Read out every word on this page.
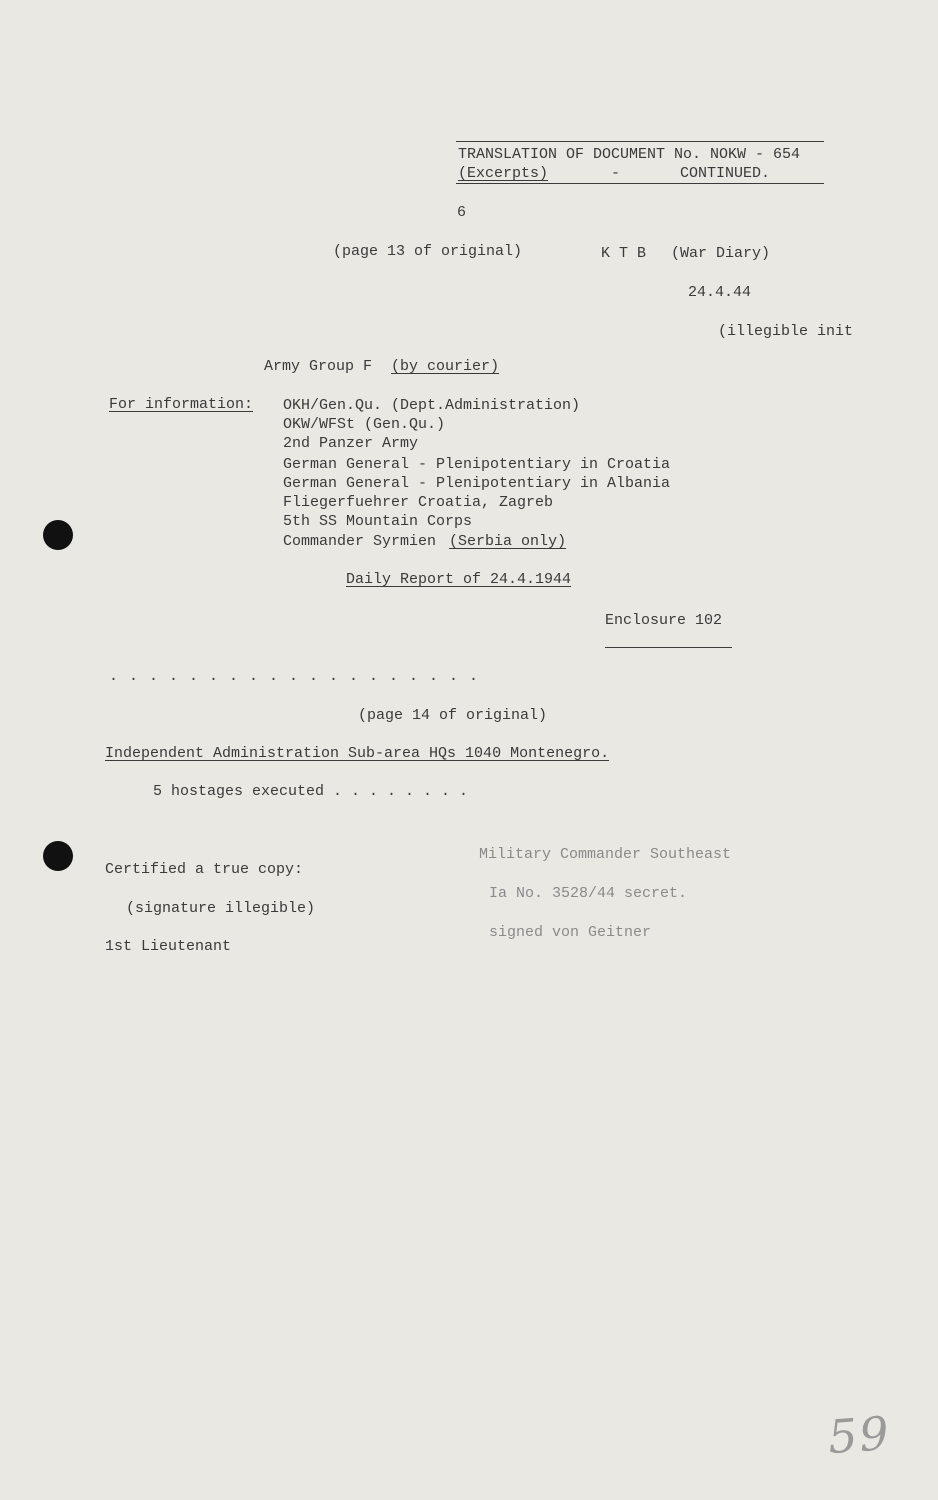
TRANSLATION OF DOCUMENT No. NOKW - 654
(Excerpts)	-	CONTINUED.
6
(page 13 of original)	K T B (War Diary)
24.4.44
(illegible init
Army Group F (by courier)
For information: OKH/Gen.Qu. (Dept.Administration)
OKW/WFSt (Gen.Qu.)
2nd Panzer Army
German General - Plenipotentiary in Croatia
German General - Plenipotentiary in Albania
Fliegerfuehrer Croatia, Zagreb
5th SS Mountain Corps
Commander Syrmien (Serbia only)
Daily Report of 24.4.1944
Enclosure 102
. . . . . . . . . . . . . . . . . . .
(page 14 of original)
Independent Administration Sub-area HQs 1040 Montenegro.
5 hostages executed . . . . . . . .
Military Commander Southeast
Ia No. 3528/44 secret.
signed von Geitner
Certified a true copy:
(signature illegible)
1st Lieutenant
59
